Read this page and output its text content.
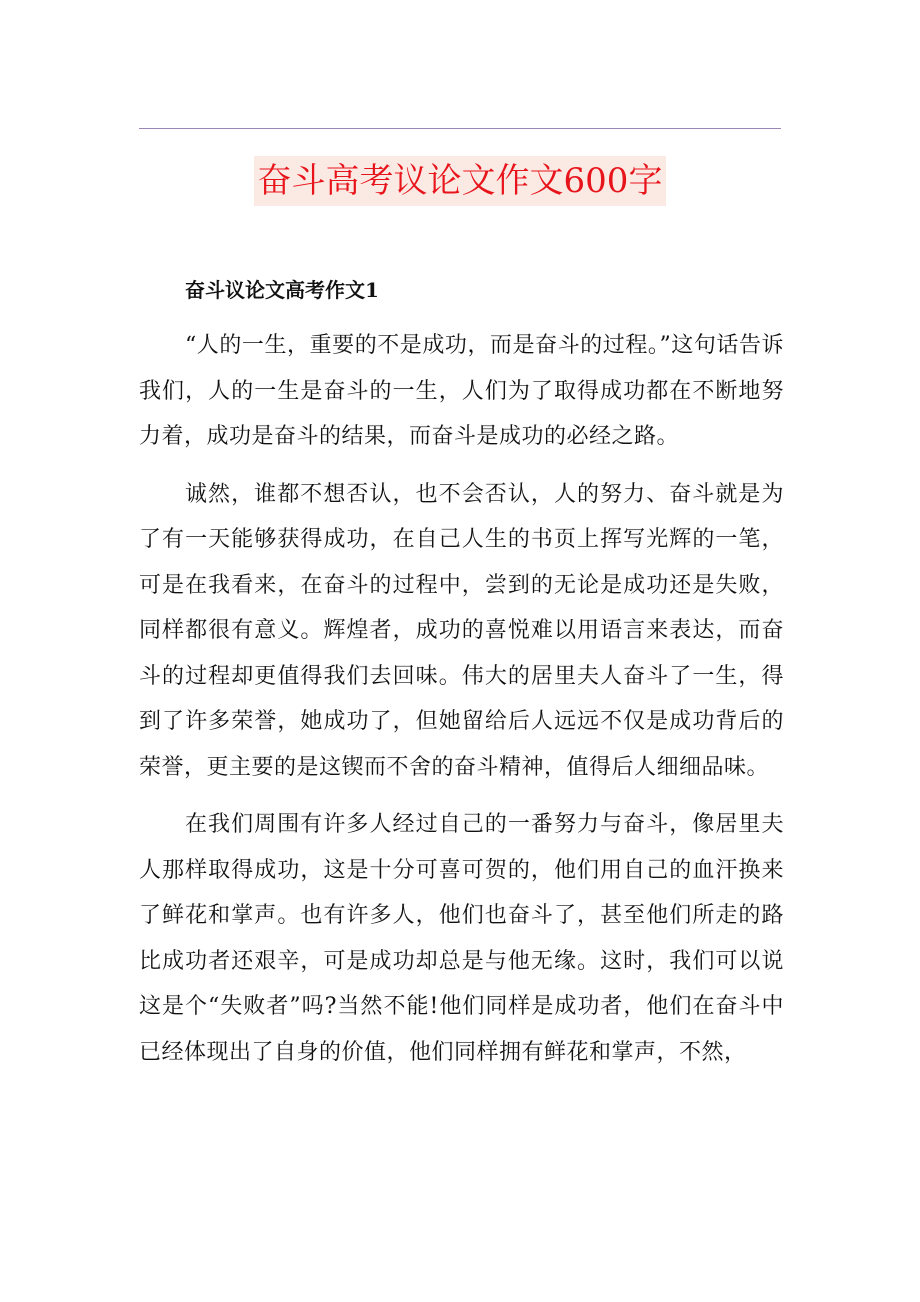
奋斗高考议论文作文600字
奋斗议论文高考作文1

“人的一生，重要的不是成功，而是奋斗的过程。”这句话告诉我们，人的一生是奋斗的一生，人们为了取得成功都在不断地努力着，成功是奋斗的结果，而奋斗是成功的必经之路。

诚然，谁都不想否认，也不会否认，人的努力、奋斗就是为了有一天能够获得成功，在自己人生的书页上挥写光辉的一笔，可是在我看来，在奋斗的过程中，尝到的无论是成功还是失败，同样都很有意义。辉煌者，成功的喜悦难以用语言来表达，而奋斗的过程却更值得我们去回味。伟大的居里夫人奋斗了一生，得到了许多荣誉，她成功了，但她留给后人远远不仅是成功背后的荣誉，更主要的是这锲而不舍的奋斗精神，值得后人细细品味。

在我们周围有许多人经过自己的一番努力与奋斗，像居里夫人那样取得成功，这是十分可喜可贺的，他们用自己的血汗换来了鲜花和掌声。也有许多人，他们也奋斗了，甚至他们所走的路比成功者还艰辛，可是成功却总是与他无缘。这时，我们可以说这是个“失败者”吗?当然不能!他们同样是成功者，他们在奋斗中已经体现出了自身的价值，他们同样拥有鲜花和掌声，不然，
